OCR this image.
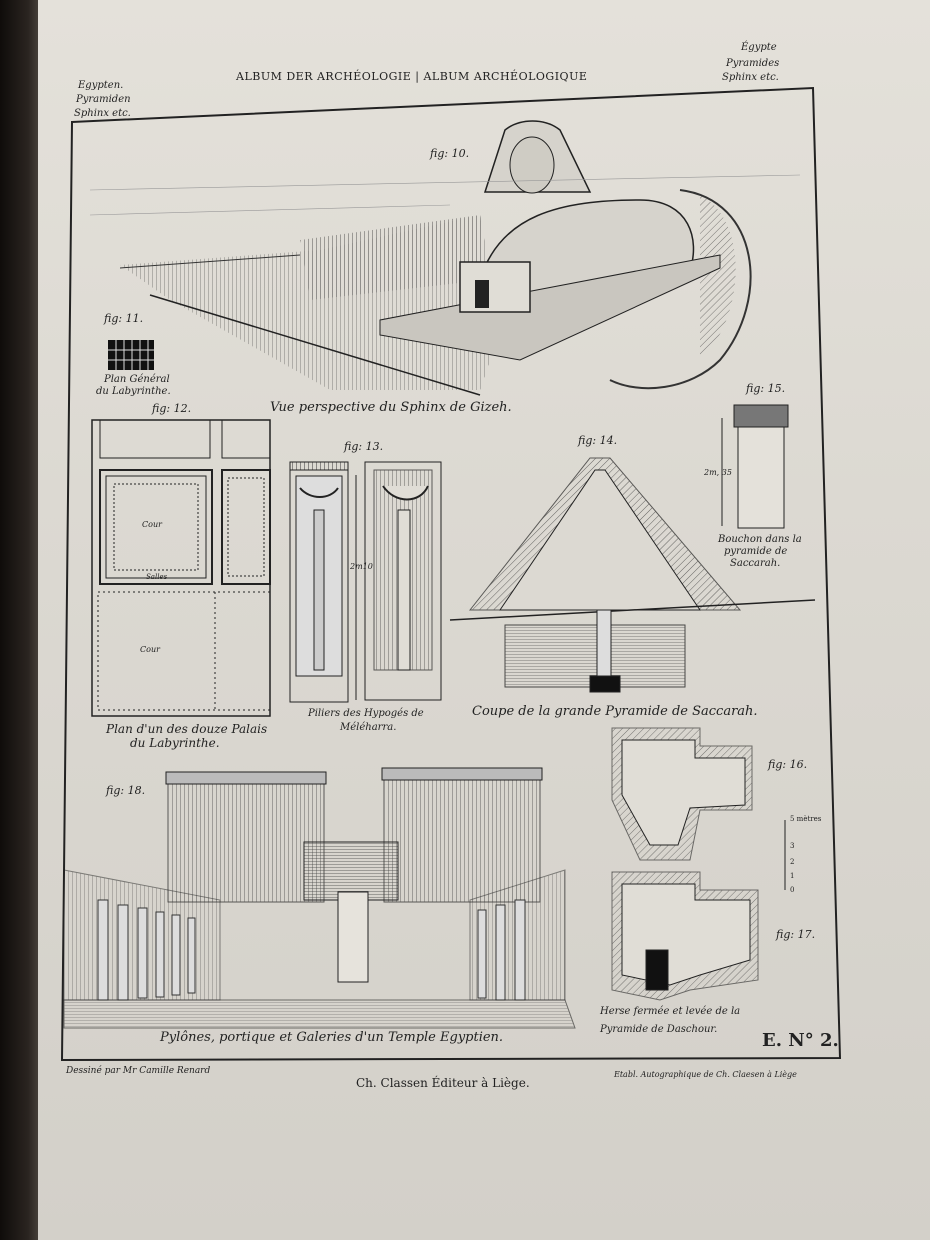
Egypten.
Pyramiden
Sphinx etc.
ALBUM DER ARCHÉOLOGIE | ALBUM ARCHÉOLOGIQUE
Égypte
Pyramides
Sphinx etc.
fig: 10.
Vue perspective du Sphinx de Gizeh.
fig: 11.
Plan Général
du Labyrinthe.
fig: 12.
Cour
Salles
Cour
Plan d'un des douze Palais
du Labyrinthe.
fig: 13.
2m10
Piliers des Hypogés de
Méléharra.
fig: 14.
Coupe de la grande Pyramide de Saccarah.
fig: 15.
2m, 35
Bouchon dans la
pyramide de
Saccarah.
fig: 16.
fig: 17.
Herse fermée et levée de la
Pyramide de Daschour.
5 mètres
3
2
1
0
fig: 18.
Pylônes, portique et Galeries d'un Temple Egyptien.	E. N° 2.
Dessiné par Mr Camille Renard
Ch. Classen Éditeur à Liège.
Etabl. Autographique de Ch. Claesen à Liège
